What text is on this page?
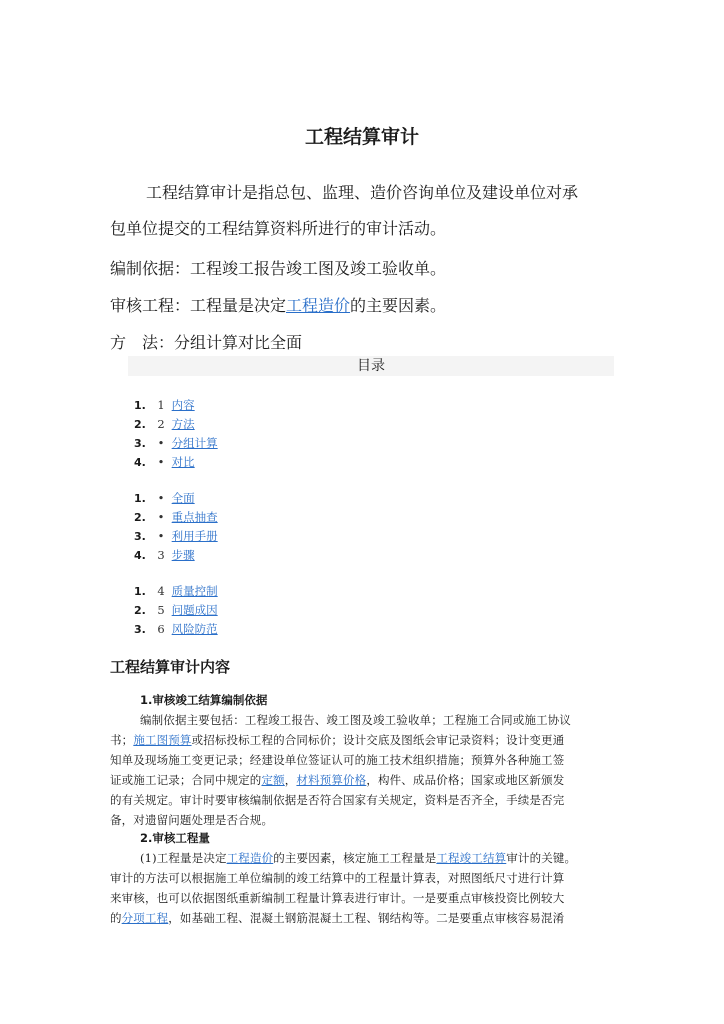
工程结算审计
工程结算审计是指总包、监理、造价咨询单位及建设单位对承
包单位提交的工程结算资料所进行的审计活动。
编制依据：工程竣工报告竣工图及竣工验收单。
审核工程：工程量是决定工程造价的主要因素。
方　法：分组计算对比全面
目录
1. 1 内容
2. 2 方法
3. • 分组计算
4. • 对比
1. • 全面
2. • 重点抽查
3. • 利用手册
4. 3 步骤
1. 4 质量控制
2. 5 问题成因
3. 6 风险防范
工程结算审计内容
1.审核竣工结算编制依据
编制依据主要包括：工程竣工报告、竣工图及竣工验收单；工程施工合同或施工协议
书；施工图预算或招标投标工程的合同标价；设计交底及图纸会审记录资料；设计变更通
知单及现场施工变更记录；经建设单位签证认可的施工技术组织措施；预算外各种施工签
证或施工记录；合同中规定的定额，材料预算价格，构件、成品价格；国家或地区新颁发
的有关规定。审计时要审核编制依据是否符合国家有关规定，资料是否齐全，手续是否完
备，对遗留问题处理是否合规。
2.审核工程量
(1)工程量是决定工程造价的主要因素，核定施工工程量是工程竣工结算审计的关键。
审计的方法可以根据施工单位编制的竣工结算中的工程量计算表，对照图纸尺寸进行计算
来审核，也可以依据图纸重新编制工程量计算表进行审计。一是要重点审核投资比例较大
的分项工程，如基础工程、混凝土钢筋混凝土工程、钢结构等。二是要重点审核容易混淆
